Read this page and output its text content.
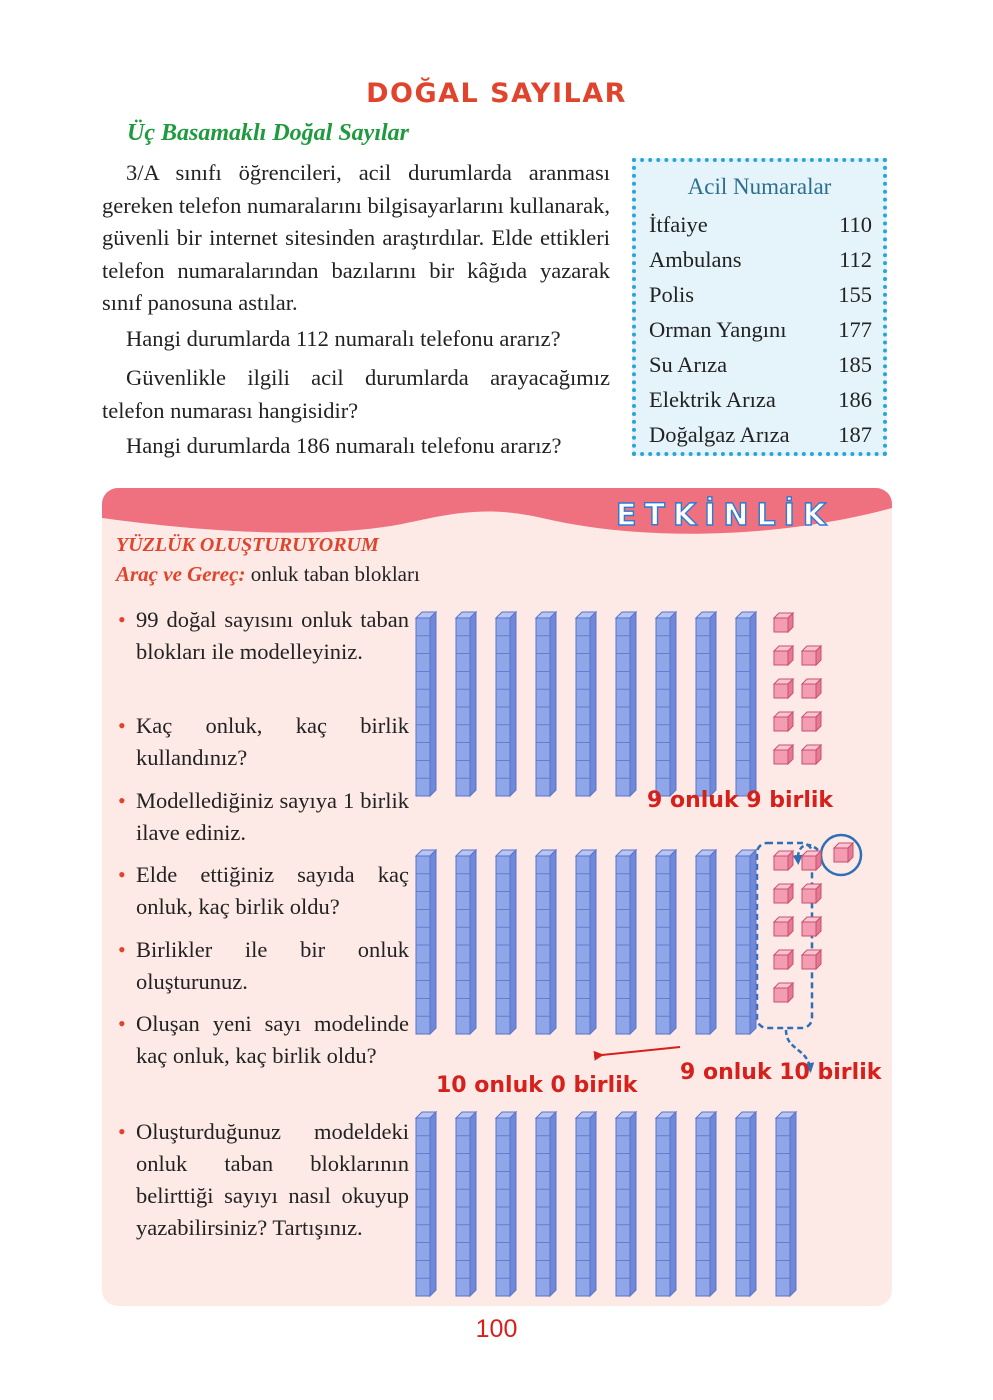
DOĞAL SAYILAR
Üç Basamaklı Doğal Sayılar
3/A sınıfı öğrencileri, acil durumlarda aranması gereken telefon numaralarını bilgisayarlarını kullanarak, güvenli bir internet sitesinden araştırdılar. Elde ettikleri telefon numaralarından bazılarını bir kâğıda yazarak sınıf panosuna astılar.
Hangi durumlarda 112 numaralı telefonu ararız?
Güvenlikle ilgili acil durumlarda arayacağımız telefon numarası hangisidir?
Hangi durumlarda 186 numaralı telefonu ararız?
Acil Numaralar
İtfaiye	110
Ambulans	112
Polis	155
Orman Yangını 177
Su Arıza	185
Elektrik Arıza	186
Doğalgaz Arıza 187
ETKİNLİK
YÜZLÜK OLUŞTURUYORUM
Araç ve Gereç: onluk taban blokları
• 99 doğal sayısını onluk taban blokları ile modelleyiniz.
• Kaç onluk, kaç birlik kullandınız?
• Modellediğiniz sayıya 1 birlik ilave ediniz.
• Elde ettiğiniz sayıda kaç onluk, kaç birlik oldu?
• Birlikler ile bir onluk oluşturunuz.
• Oluşan yeni sayı modelinde kaç onluk, kaç birlik oldu?
• Oluşturduğunuz modeldeki onluk taban bloklarının belirttiği sayıyı nasıl okuyup yazabilirsiniz? Tartışınız.
9 onluk 9 birlik
9 onluk 10 birlik
10 onluk 0 birlik
100
